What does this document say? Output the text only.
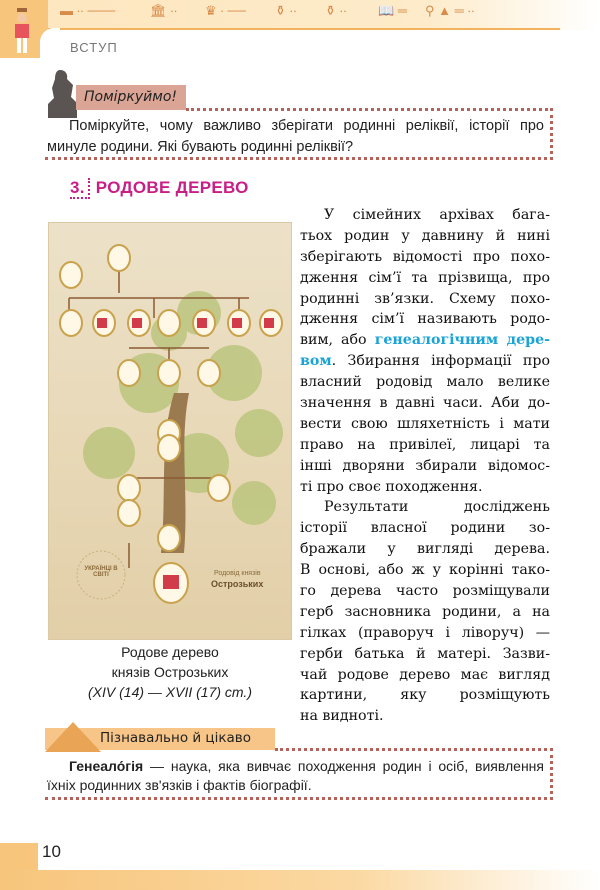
▬ ∙∙ ───	🏛 ∙∙ ♛ ∙ ── ⚱ ∙∙ ⚱ ∙∙ 📖 ═ ⚲ ▲ ═ ∙∙
ВСТУП
Поміркуймо!
Поміркуйте, чому важливо зберігати родинні реліквії, історії про минуле родини. Які бувають родинні реліквії?
3. РОДОВЕ ДЕРЕВО
УКРАЇНЦІ В СВІТІ	Родовід князів
Острозьких
Родове дерево
князів Острозьких
(XIV (14) — XVII (17) ст.)
У сімейних архівах бага-
тьох родин у давнину й нині
зберігають відомості про похо-
дження сім’ї та прізвища, про
родинні зв’язки. Схему похо-
дження сім’ї називають родо-
вим, або генеалогічним дере-
вом. Збирання інформації про
власний родовід мало велике
значення в давні часи. Аби до-
вести свою шляхетність і мати
право на привілеї, лицарі та
інші дворяни збирали відомос-
ті про своє походження.
Результати досліджень
історії власної родини зо-
бражали у вигляді дерева.
В основі, або ж у корінні тако-
го дерева часто розміщували
герб засновника родини, а на
гілках (праворуч і ліворуч) —
герби батька й матері. Зазви-
чай родове дерево має вигляд
картини, яку розміщують
на видноті.
Пізнавально й цікаво
Генеало́гія — наука, яка вивчає походження родин і осіб, виявлення їхніх родинних зв'язків і фактів біографії.
10
